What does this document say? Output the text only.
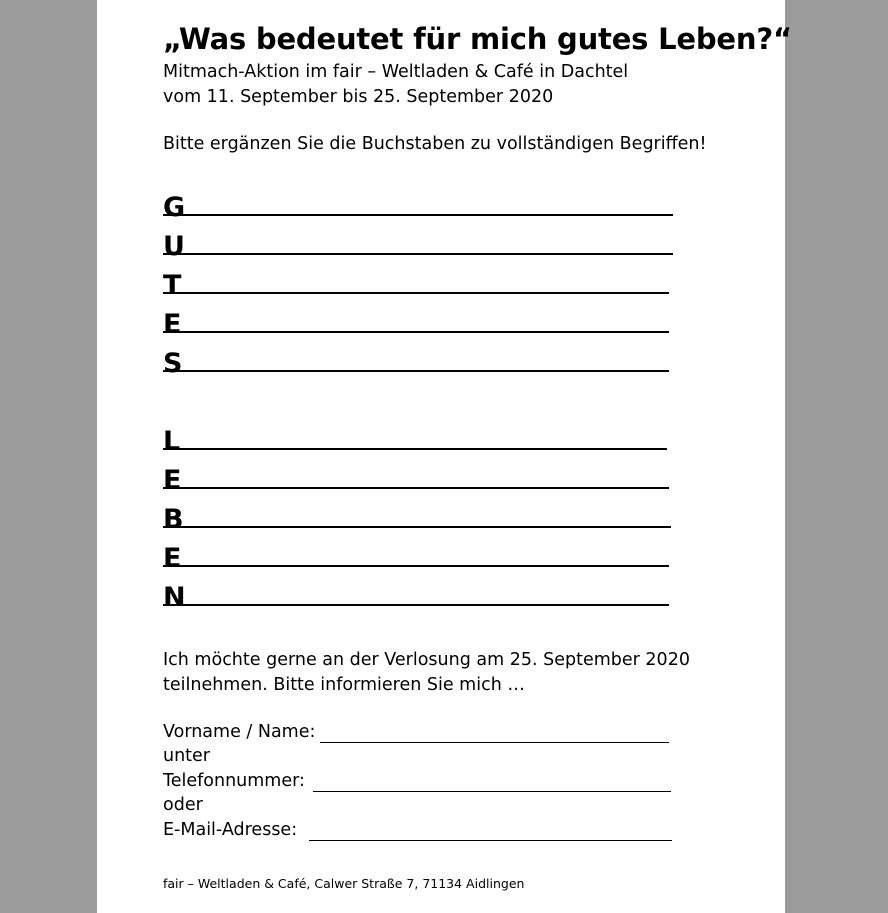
„Was bedeutet für mich gutes Leben?“
Mitmach-Aktion im fair – Weltladen & Café in Dachtel
vom 11. September bis 25. September 2020
Bitte ergänzen Sie die Buchstaben zu vollständigen Begriffen!
G
U
T
E
S
L
E
B
E
N
Ich möchte gerne an der Verlosung am 25. September 2020
teilnehmen. Bitte informieren Sie mich …
Vorname / Name:
unter
Telefonnummer:
oder
E-Mail-Adresse:
fair – Weltladen & Café, Calwer Straße 7, 71134 Aidlingen
